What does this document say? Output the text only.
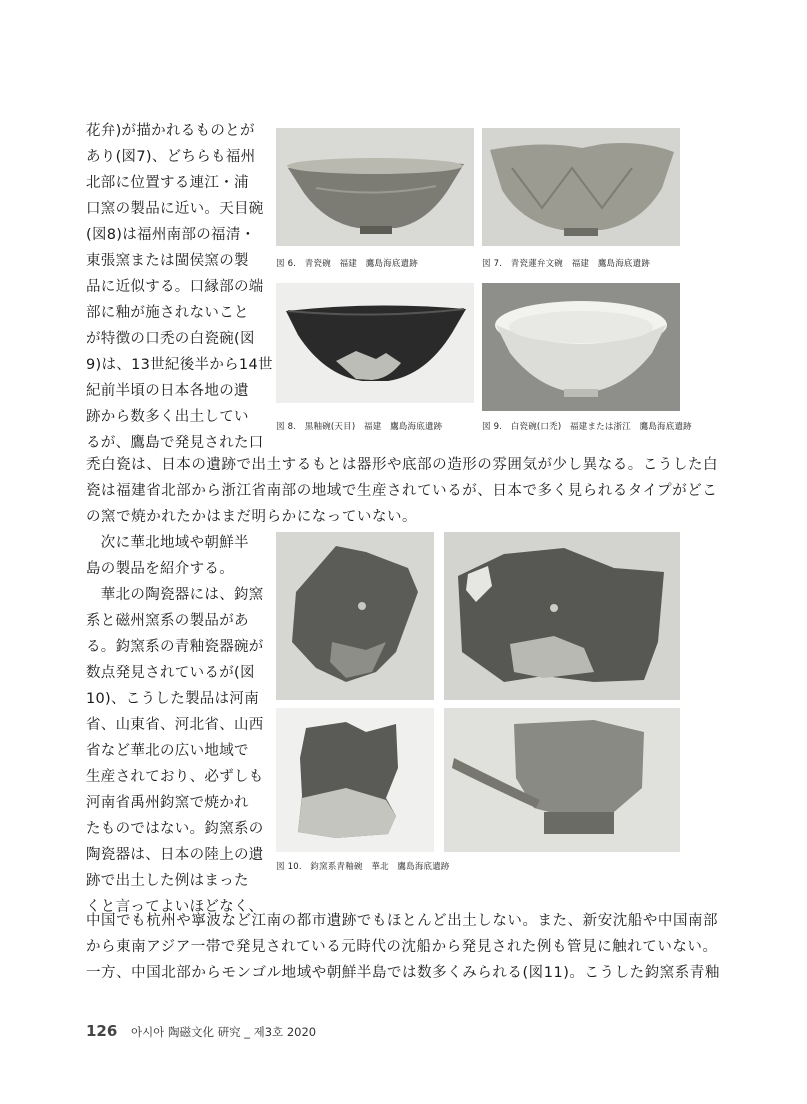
花弁)が描かれるものとが
あり(図7)、どちらも福州
北部に位置する連江・浦
口窯の製品に近い。天目碗
(図8)は福州南部の福清・
東張窯または閩侯窯の製
品に近似する。口縁部の端
部に釉が施されないこと
が特徴の口禿の白瓷碗(図
9)は、13世紀後半から14世
紀前半頃の日本各地の遺
跡から数多く出土してい
るが、鷹島で発見された口
図 6.　青瓷碗　福建　鷹島海底遺跡	図 7.　青瓷蓮弁文碗　福建　鷹島海底遺跡
図 8.　黒釉碗(天目)　福建　鷹島海底遺跡	図 9.　白瓷碗(口禿)　福建または浙江　鷹島海底遺跡
禿白瓷は、日本の遺跡で出土するもとは器形や底部の造形の雰囲気が少し異なる。こうした白
瓷は福建省北部から浙江省南部の地域で生産されているが、日本で多く見られるタイプがどこ
の窯で焼かれたかはまだ明らかになっていない。
　次に華北地域や朝鮮半
島の製品を紹介する。
　華北の陶瓷器には、鈞窯
系と磁州窯系の製品があ
る。鈞窯系の青釉瓷器碗が
数点発見されているが(図
10)、こうした製品は河南
省、山東省、河北省、山西
省など華北の広い地域で
生産されており、必ずしも
河南省禹州鈞窯で焼かれ
たものではない。鈞窯系の
陶瓷器は、日本の陸上の遺
跡で出土した例はまった
くと言ってよいほどなく、
図 10.　鈞窯系青釉碗　華北　鷹島海底遺跡
中国でも杭州や寧波など江南の都市遺跡でもほとんど出土しない。また、新安沈船や中国南部
から東南アジア一帯で発見されている元時代の沈船から発見された例も管見に触れていない。
一方、中国北部からモンゴル地域や朝鮮半島では数多くみられる(図11)。こうした鈞窯系青釉
126 아시아 陶磁文化 硏究 _ 제3호 2020
